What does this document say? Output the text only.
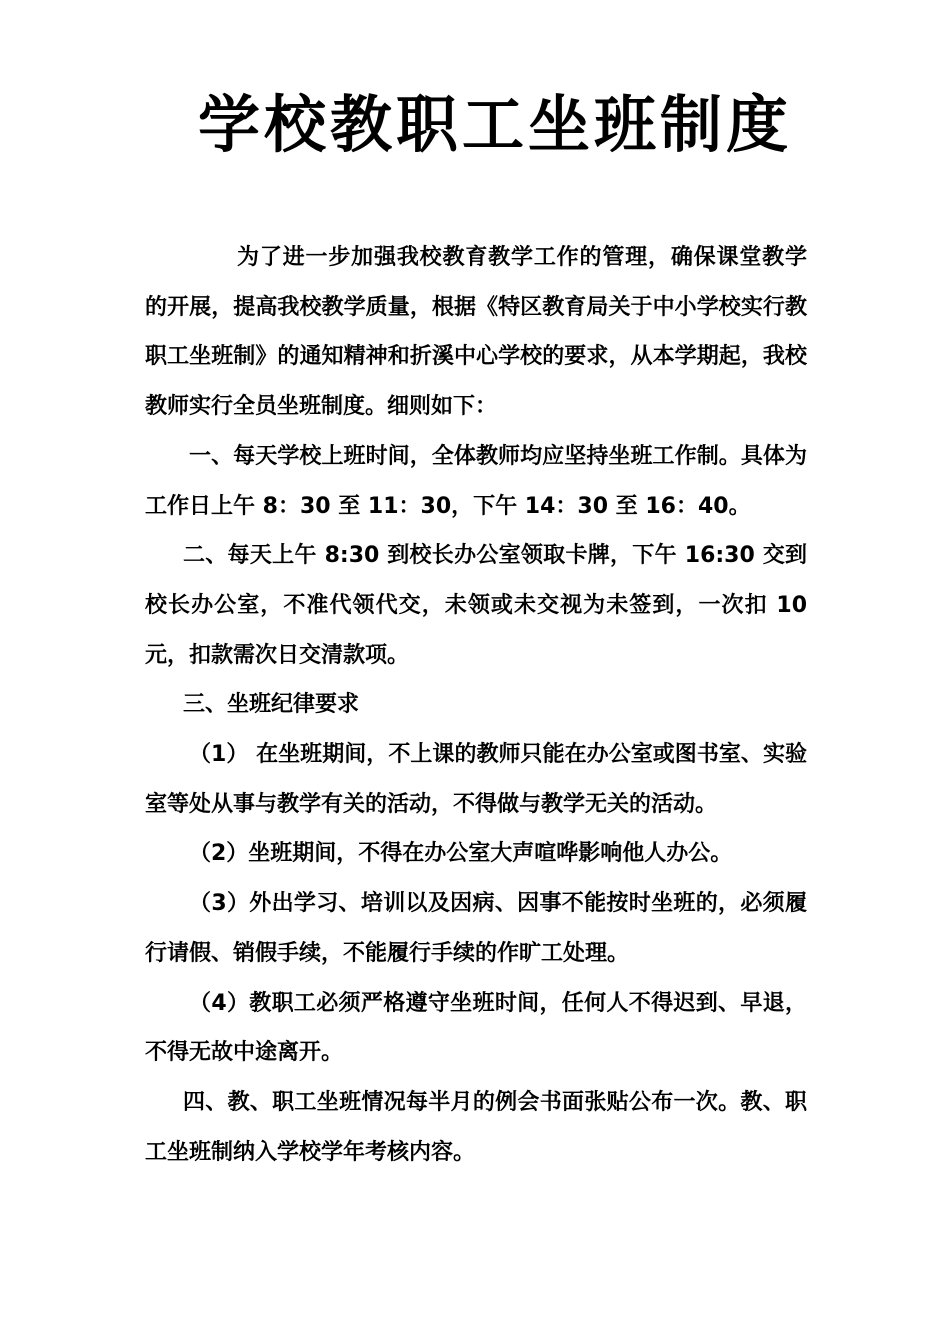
学校教职工坐班制度

为了进一步加强我校教育教学工作的管理，确保课堂教学的开展，提高我校教学质量，根据《特区教育局关于中小学校实行教职工坐班制》的通知精神和折溪中心学校的要求，从本学期起，我校教师实行全员坐班制度。细则如下：

一、每天学校上班时间，全体教师均应坚持坐班工作制。具体为工作日上午 8：30 至 11：30，下午 14：30 至 16：40。

二、每天上午 8:30 到校长办公室领取卡牌，下午 16:30 交到校长办公室，不准代领代交，未领或未交视为未签到，一次扣 10 元，扣款需次日交清款项。

三、坐班纪律要求

（1） 在坐班期间，不上课的教师只能在办公室或图书室、实验室等处从事与教学有关的活动，不得做与教学无关的活动。

（2）坐班期间，不得在办公室大声喧哗影响他人办公。

（3）外出学习、培训以及因病、因事不能按时坐班的，必须履行请假、销假手续，不能履行手续的作旷工处理。

（4）教职工必须严格遵守坐班时间，任何人不得迟到、早退，不得无故中途离开。

四、教、职工坐班情况每半月的例会书面张贴公布一次。教、职工坐班制纳入学校学年考核内容。
